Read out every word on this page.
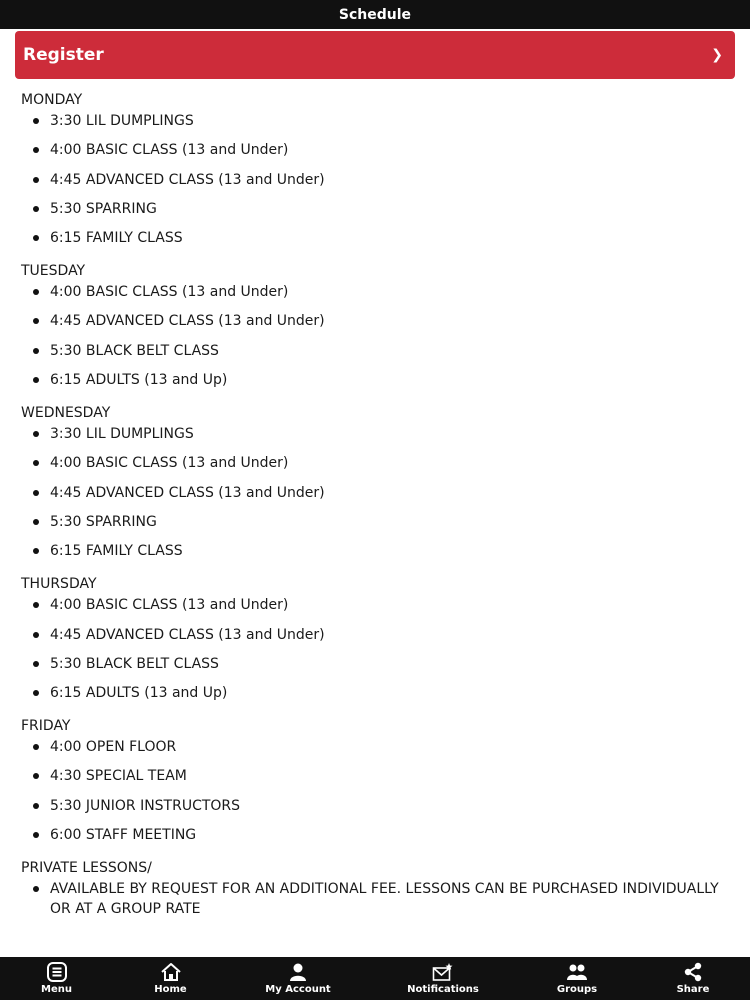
Schedule
Register	❯
MONDAY
3:30 LIL DUMPLINGS
4:00 BASIC CLASS (13 and Under)
4:45 ADVANCED CLASS (13 and Under)
5:30 SPARRING
6:15 FAMILY CLASS
TUESDAY
4:00 BASIC CLASS (13 and Under)
4:45 ADVANCED CLASS (13 and Under)
5:30 BLACK BELT CLASS
6:15 ADULTS (13 and Up)
WEDNESDAY
3:30 LIL DUMPLINGS
4:00 BASIC CLASS (13 and Under)
4:45 ADVANCED CLASS (13 and Under)
5:30 SPARRING
6:15 FAMILY CLASS
THURSDAY
4:00 BASIC CLASS (13 and Under)
4:45 ADVANCED CLASS (13 and Under)
5:30 BLACK BELT CLASS
6:15 ADULTS (13 and Up)
FRIDAY
4:00 OPEN FLOOR
4:30 SPECIAL TEAM
5:30 JUNIOR INSTRUCTORS
6:00 STAFF MEETING
PRIVATE LESSONS/
AVAILABLE BY REQUEST FOR AN ADDITIONAL FEE. LESSONS CAN BE PURCHASED INDIVIDUALLY OR AT A GROUP RATE
Menu	Home	My Account	Notifications	Groups	Share
